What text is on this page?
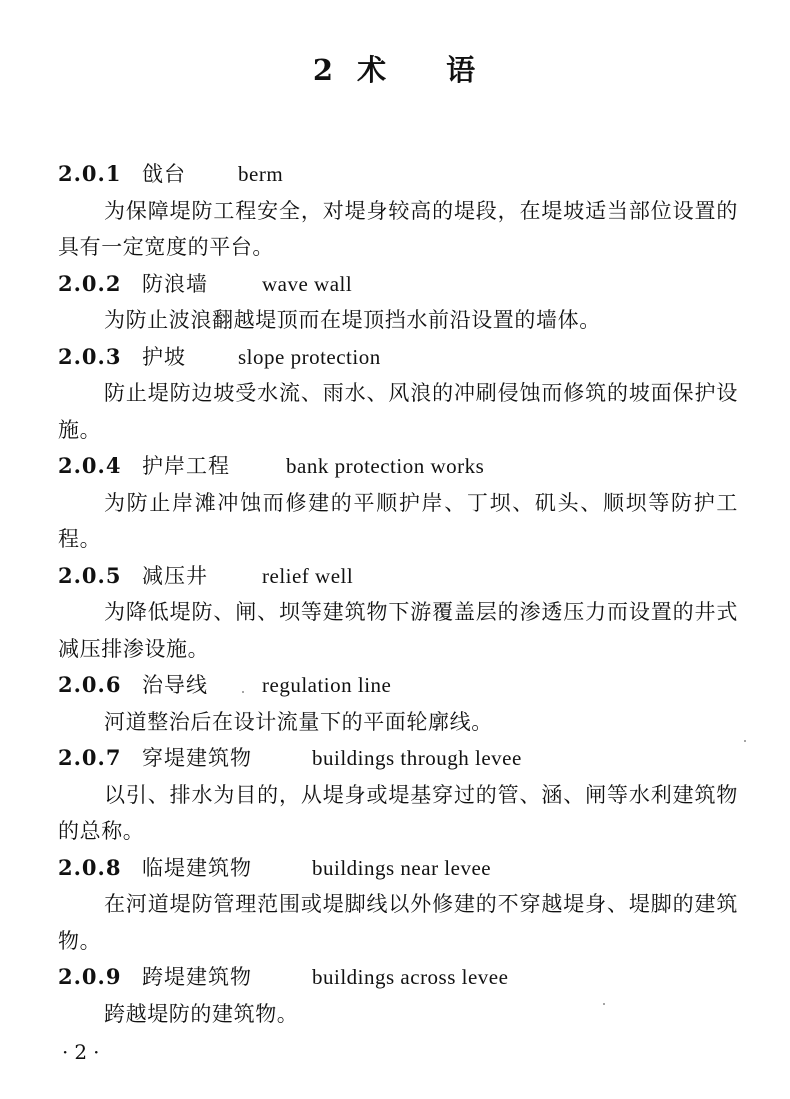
2 术 语
2.0.1 戗台 berm
为保障堤防工程安全，对堤身较高的堤段，在堤坡适当部位设置的具有一定宽度的平台。
2.0.2 防浪墙	wave wall
为防止波浪翻越堤顶而在堤顶挡水前沿设置的墙体。
2.0.3 护坡 slope protection
防止堤防边坡受水流、雨水、风浪的冲刷侵蚀而修筑的坡面保护设施。
2.0.4 护岸工程	bank protection works
为防止岸滩冲蚀而修建的平顺护岸、丁坝、矶头、顺坝等防护工程。
2.0.5 减压井	relief well
为降低堤防、闸、坝等建筑物下游覆盖层的渗透压力而设置的井式减压排渗设施。
2.0.6 治导线	regulation line
河道整治后在设计流量下的平面轮廓线。
2.0.7 穿堤建筑物	buildings through levee
以引、排水为目的，从堤身或堤基穿过的管、涵、闸等水利建筑物的总称。
2.0.8 临堤建筑物	buildings near levee
在河道堤防管理范围或堤脚线以外修建的不穿越堤身、堤脚的建筑物。
2.0.9 跨堤建筑物	buildings across levee
跨越堤防的建筑物。
·2·
